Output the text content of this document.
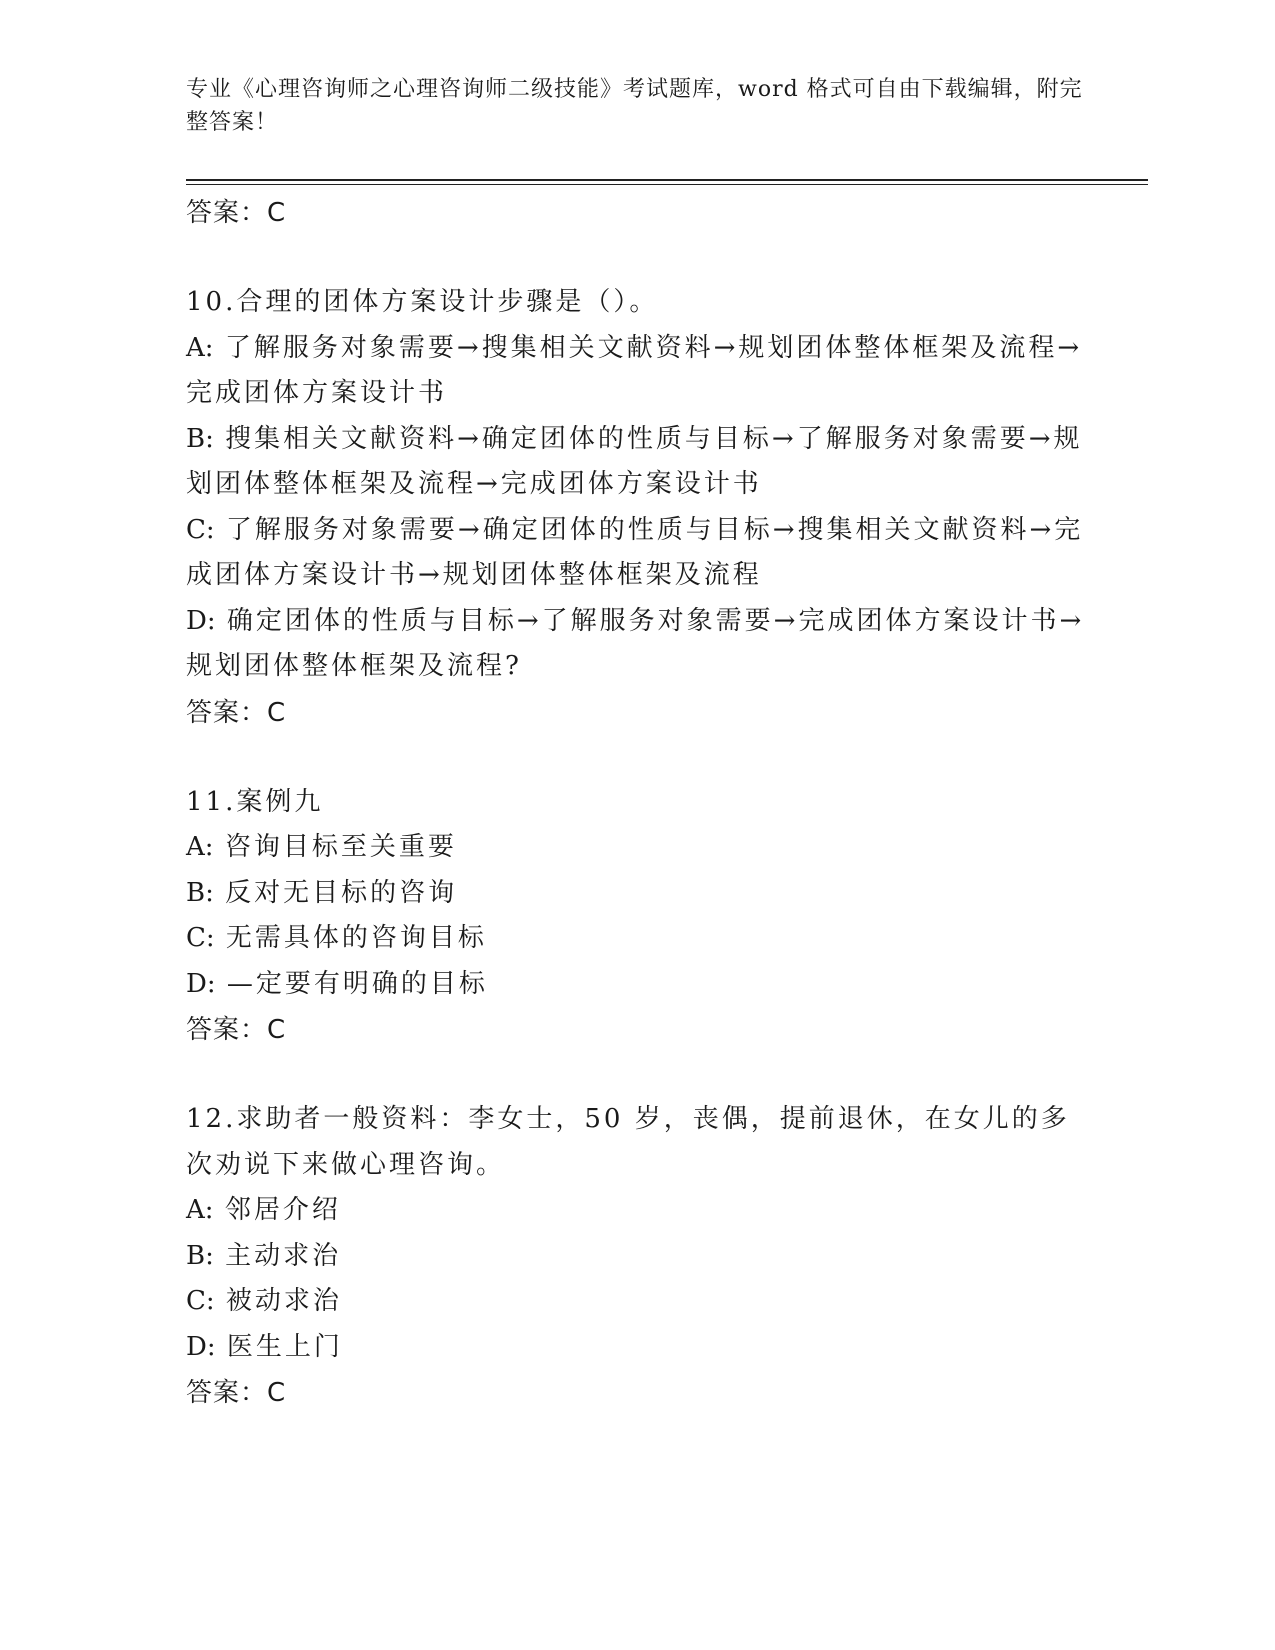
专业《心理咨询师之心理咨询师二级技能》考试题库，word 格式可自由下载编辑，附完整答案！
答案：C
10.合理的团体方案设计步骤是（）。
A: 了解服务对象需要→搜集相关文献资料→规划团体整体框架及流程→完成团体方案设计书
B: 搜集相关文献资料→确定团体的性质与目标→了解服务对象需要→规划团体整体框架及流程→完成团体方案设计书
C: 了解服务对象需要→确定团体的性质与目标→搜集相关文献资料→完成团体方案设计书→规划团体整体框架及流程
D: 确定团体的性质与目标→了解服务对象需要→完成团体方案设计书→规划团体整体框架及流程?
答案：C
11.案例九
A: 咨询目标至关重要
B: 反对无目标的咨询
C: 无需具体的咨询目标
D: —定要有明确的目标
答案：C
12.求助者一般资料：李女士，50 岁，丧偶，提前退休，在女儿的多次劝说下来做心理咨询。
A: 邻居介绍
B: 主动求治
C: 被动求治
D: 医生上门
答案：C
